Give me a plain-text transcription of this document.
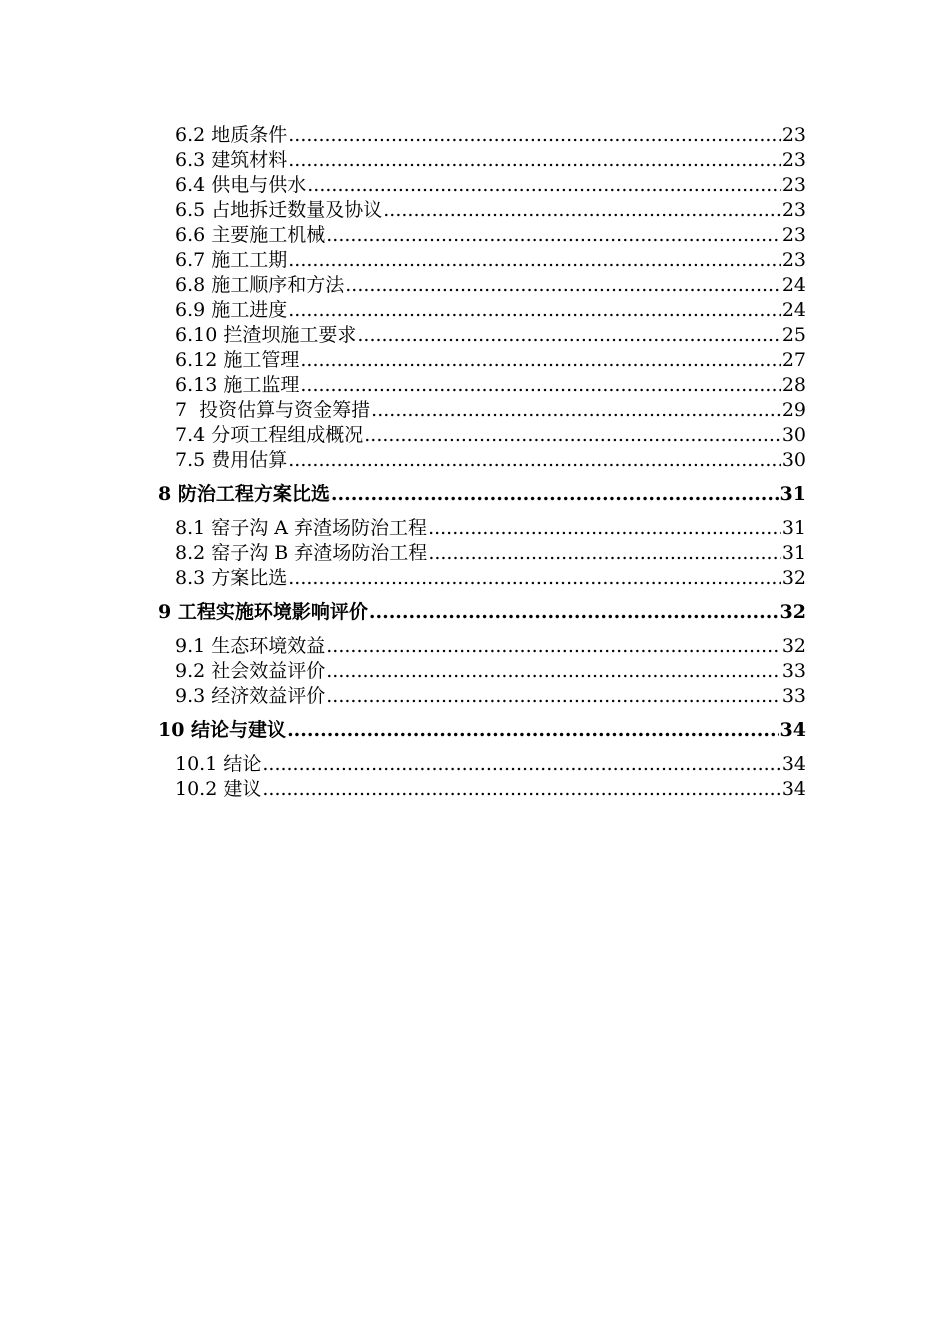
6.2 地质条件 .....	23
6.3 建筑材料 .....	23
6.4 供电与供水 .....	23
6.5 占地拆迁数量及协议 .....	23
6.6 主要施工机械 .....	23
6.7 施工工期 .....	23
6.8 施工顺序和方法 .....	24
6.9 施工进度 .....	24
6.10 拦渣坝施工要求 .....	25
6.12 施工管理 .....	27
6.13 施工监理 .....	28
7  投资估算与资金筹措 .....	29
7.4 分项工程组成概况 .....	30
7.5 费用估算 .....	30
8 防治工程方案比选 .....	31
8.1 窑子沟 A 弃渣场防治工程 .....	31
8.2 窑子沟 B 弃渣场防治工程 .....	31
8.3 方案比选 .....	32
9 工程实施环境影响评价 .....	32
9.1 生态环境效益 .....	32
9.2 社会效益评价 .....	33
9.3 经济效益评价 .....	33
10 结论与建议 .....	34
10.1 结论 .....	34
10.2 建议 .....	34
